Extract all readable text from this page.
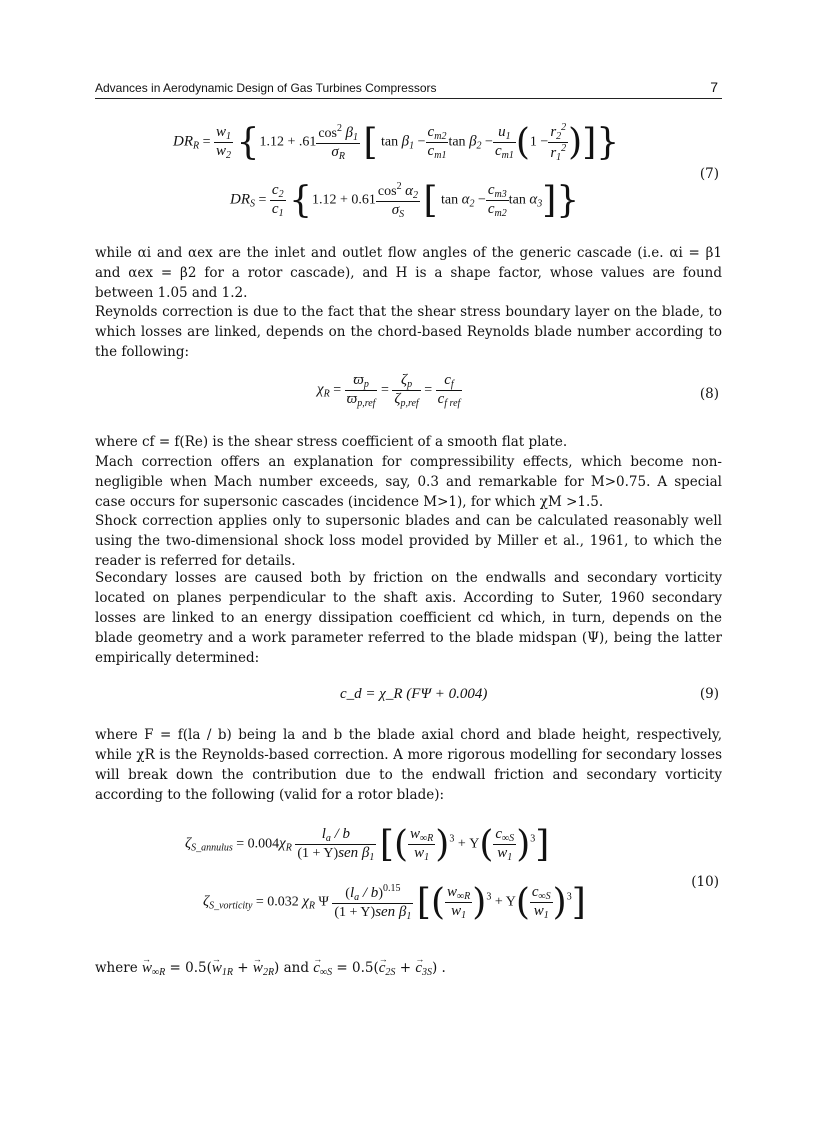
Advances in Aerodynamic Design of Gas Turbines Compressors	7
$DR_R = \frac{w_1}{w_2} \{1.12 + .61 \frac{\cos^2 \beta_1}{\sigma_R}$ [ $\tan \beta_1 - \frac{c_{m2}}{c_{m1}}$ $\tan \beta_2 - \frac{u_1}{c_{m1}} (1 - \frac{r_2^2}{r_1^2}$ )]}
$DR_S = \frac{c_2}{c_1} \{1.12 + 0.61 \frac{\cos^2 \alpha_2}{\sigma_S}$ [ $\tan \alpha_2 - \frac{c_{m3}}{c_{m2}}$ $\tan \alpha_3$]}
(7)
while αi and αex are the inlet and outlet flow angles of the generic cascade (i.e. αi = β1 and αex = β2 for a rotor cascade), and H is a shape factor, whose values are found between 1.05 and 1.2.
Reynolds correction is due to the fact that the shear stress boundary layer on the blade, to which losses are linked, depends on the chord-based Reynolds blade number according to the following:
$\chi_R = \frac{ϖ_p}{ϖ_{p,ref}} = \frac{\zeta_p}{\zeta_{p,ref}} = \frac{c_f}{c_{f ref}}$	(8)
where cf = f(Re) is the shear stress coefficient of a smooth flat plate.
Mach correction offers an explanation for compressibility effects, which become non-negligible when Mach number exceeds, say, 0.3 and remarkable for M>0.75. A special case occurs for supersonic cascades (incidence M>1), for which χM >1.5.
Shock correction applies only to supersonic blades and can be calculated reasonably well using the two-dimensional shock loss model provided by Miller et al., 1961, to which the reader is referred for details.
Secondary losses are caused both by friction on the endwalls and secondary vorticity located on planes perpendicular to the shaft axis. According to Suter, 1960 secondary losses are linked to an energy dissipation coefficient cd which, in turn, depends on the blade geometry and a work parameter referred to the blade midspan (Ψ), being the latter empirically determined:
c_d = χ_R (FΨ + 0.004)	(9)
where F = f(la / b) being la and b the blade axial chord and blade height, respectively, while χR is the Reynolds-based correction. A more rigorous modelling for secondary losses will break down the contribution due to the endwall friction and secondary vorticity according to the following (valid for a rotor blade):
$\zeta_{S\_annulus} = 0.004\chi_R \frac{l_a / b}{(1 + \Upsilon)sen \beta_1}$ [( $\frac{w_{\infty R}}{w_1} )^3 + \Upsilon( \frac{c_{\infty S}}{w_1} )^3$]
$\zeta_{S\_vorticity} = 0.032$ $\chi_R$ Ψ $\frac{(l_a / b)^{0.15}}{(1 + \Upsilon)sen \beta_1}$ [( $\frac{w_{\infty R}}{w_1} )^3 + \Upsilon( \frac{c_{\infty S}}{w_1} )^3$]	(10)
where → $w_{\infty R} = 0.5(\to w_{1R}$ + → $w_{2R}$) and → $c_{\infty S} = 0.5(\to c_{2S}$ + → $c_{3S}$) .
